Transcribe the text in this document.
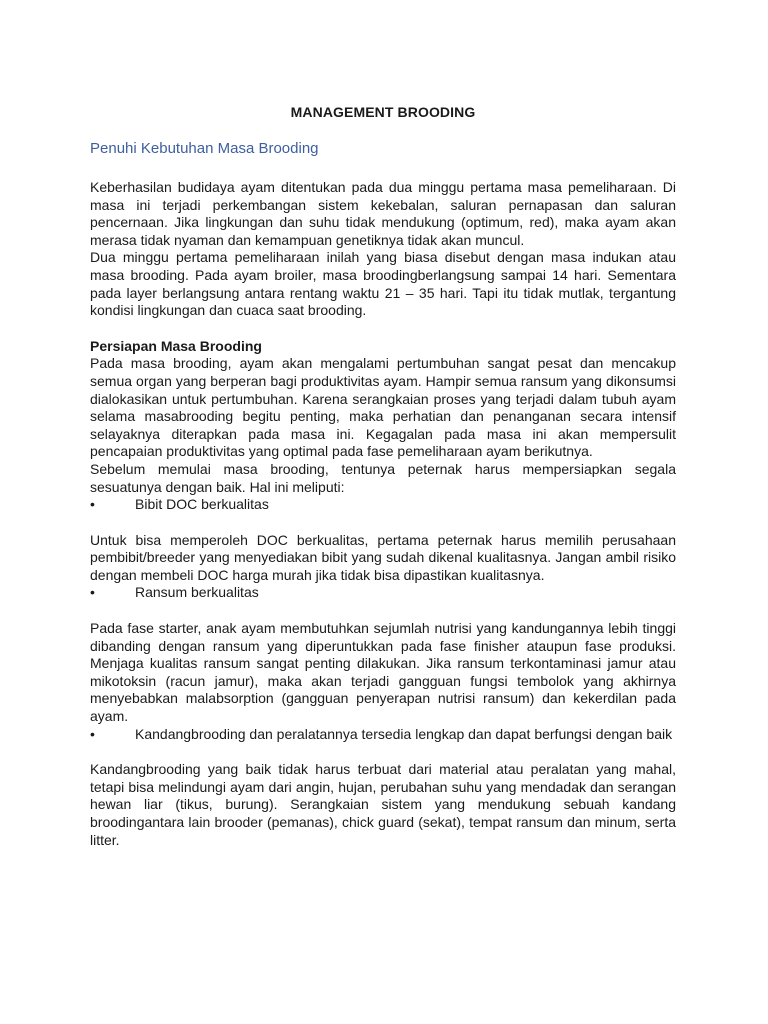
MANAGEMENT BROODING

Penuhi Kebutuhan Masa Brooding

Keberhasilan budidaya ayam ditentukan pada dua minggu pertama masa pemeliharaan. Di masa ini terjadi perkembangan sistem kekebalan, saluran pernapasan dan saluran pencernaan. Jika lingkungan dan suhu tidak mendukung (optimum, red), maka ayam akan merasa tidak nyaman dan kemampuan genetiknya tidak akan muncul.

Dua minggu pertama pemeliharaan inilah yang biasa disebut dengan masa indukan atau masa brooding. Pada ayam broiler, masa broodingberlangsung sampai 14 hari. Sementara pada layer berlangsung antara rentang waktu 21 – 35 hari. Tapi itu tidak mutlak, tergantung kondisi lingkungan dan cuaca saat brooding.

Persiapan Masa Brooding

Pada masa brooding, ayam akan mengalami pertumbuhan sangat pesat dan mencakup semua organ yang berperan bagi produktivitas ayam. Hampir semua ransum yang dikonsumsi dialokasikan untuk pertumbuhan. Karena serangkaian proses yang terjadi dalam tubuh ayam selama masabrooding begitu penting, maka perhatian dan penanganan secara intensif selayaknya diterapkan pada masa ini. Kegagalan pada masa ini akan mempersulit pencapaian produktivitas yang optimal pada fase pemeliharaan ayam berikutnya.

Sebelum memulai masa brooding, tentunya peternak harus mempersiapkan segala sesuatunya dengan baik. Hal ini meliputi:

•	Bibit DOC berkualitas

Untuk bisa memperoleh DOC berkualitas, pertama peternak harus memilih perusahaan pembibit/breeder yang menyediakan bibit yang sudah dikenal kualitasnya. Jangan ambil risiko dengan membeli DOC harga murah jika tidak bisa dipastikan kualitasnya.

•	Ransum berkualitas

Pada fase starter, anak ayam membutuhkan sejumlah nutrisi yang kandungannya lebih tinggi dibanding dengan ransum yang diperuntukkan pada fase finisher ataupun fase produksi. Menjaga kualitas ransum sangat penting dilakukan. Jika ransum terkontaminasi jamur atau mikotoksin (racun jamur), maka akan terjadi gangguan fungsi tembolok yang akhirnya menyebabkan malabsorption (gangguan penyerapan nutrisi ransum) dan kekerdilan pada ayam.

•	Kandangbrooding dan peralatannya tersedia lengkap dan dapat berfungsi dengan baik

Kandangbrooding yang baik tidak harus terbuat dari material atau peralatan yang mahal, tetapi bisa melindungi ayam dari angin, hujan, perubahan suhu yang mendadak dan serangan hewan liar (tikus, burung). Serangkaian sistem yang mendukung sebuah kandang broodingantara lain brooder (pemanas), chick guard (sekat), tempat ransum dan minum, serta litter.
